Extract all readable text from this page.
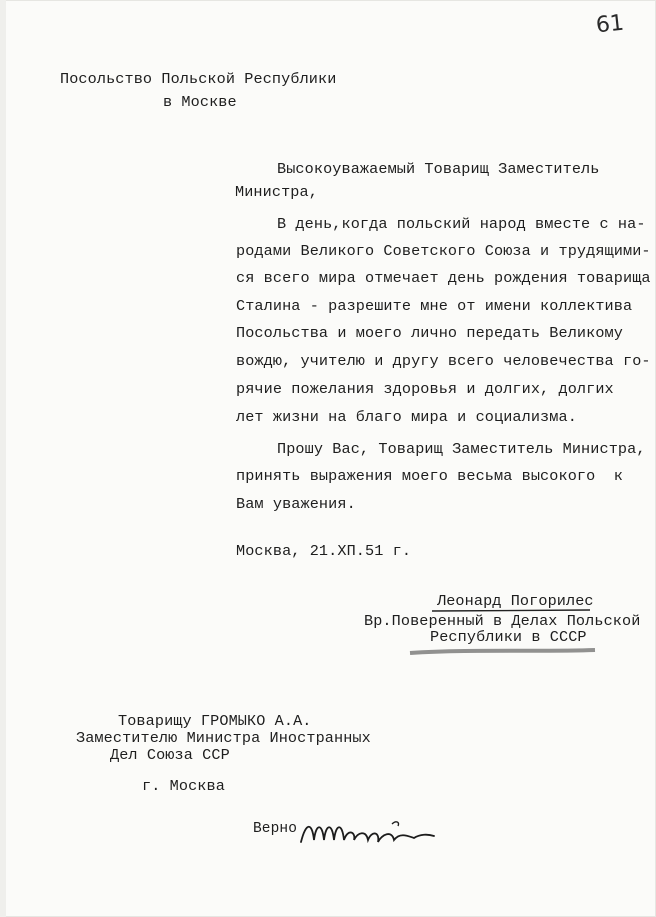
61
Посольство Польской Республики
в Москве
Высокоуважаемый Товарищ Заместитель
Министра,
В день,когда польский народ вместе с на-
родами Великого Советского Союза и трудящими-
ся всего мира отмечает день рождения товарища
Сталина - разрешите мне от имени коллектива
Посольства и моего лично передать Великому
вождю, учителю и другу всего человечества го-
рячие пожелания здоровья и долгих, долгих
лет жизни на благо мира и социализма.
Прошу Вас, Товарищ Заместитель Министра,
принять выражения моего весьма высокого  к
Вам уважения.
Москва, 21.ХП.51 г.
Леонард Погорилес
Вр.Поверенный в Делах Польской
Республики в СССР
Товарищу ГРОМЫКО А.А.
Заместителю Министра Иностранных
Дел Союза ССР
г. Москва
Верно
